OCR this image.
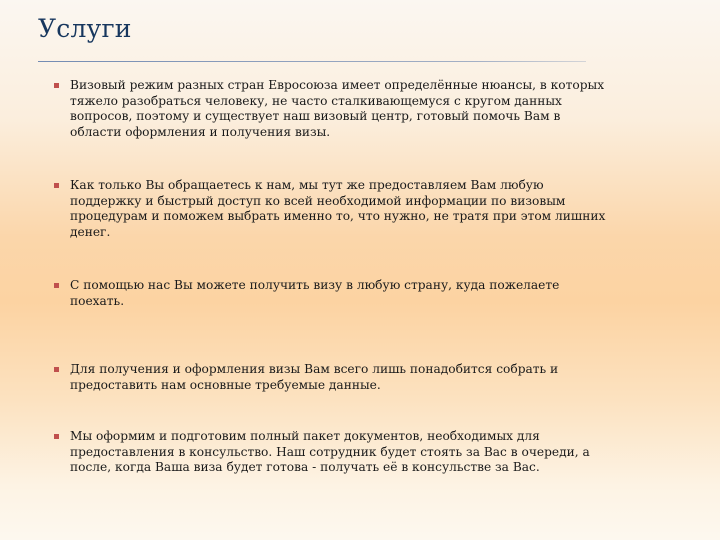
Услуги
Визовый режим разных стран Евросоюза имеет определённые нюансы, в которых тяжело разобраться человеку, не часто сталкивающемуся с кругом данных вопросов, поэтому и существует наш визовый центр, готовый помочь Вам в области оформления и получения визы.
Как только Вы обращаетесь к нам, мы тут же предоставляем Вам любую поддержку и быстрый доступ ко всей необходимой информации по визовым процедурам и поможем выбрать именно то, что нужно, не тратя при этом лишних денег.
С помощью нас Вы можете получить визу в любую страну, куда пожелаете поехать.
Для получения и оформления визы Вам всего лишь понадобится собрать и предоставить нам основные требуемые данные.
Мы оформим и подготовим полный пакет документов, необходимых для предоставления в консульство. Наш сотрудник будет стоять за Вас в очереди, а после, когда Ваша виза будет готова - получать её в консульстве за Вас.
